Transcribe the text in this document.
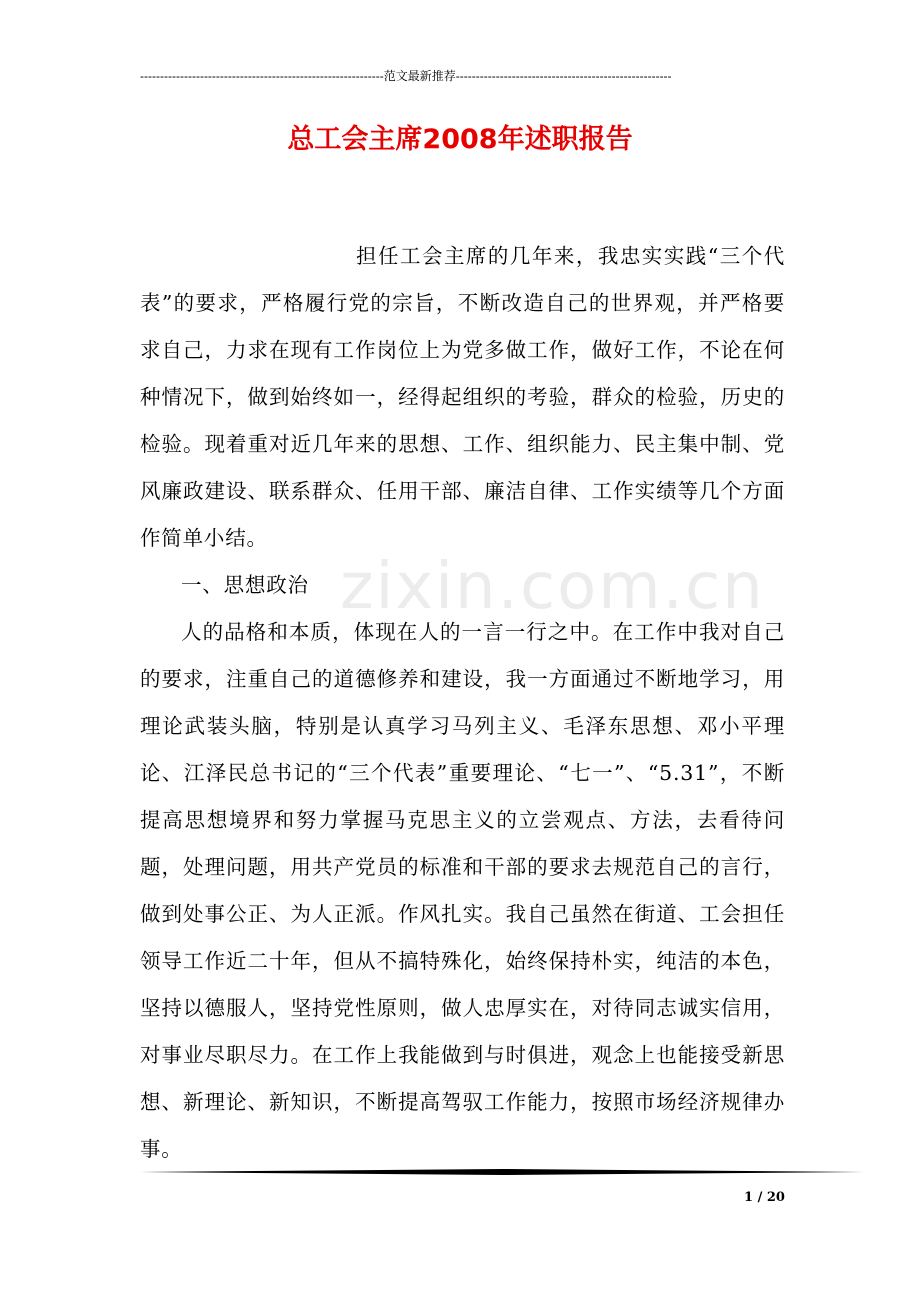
-------------------------------------------------------------范文最新推荐------------------------------------------------------
总工会主席2008年述职报告
zixin.com.cn

担任工会主席的几年来，我忠实实践“三个代表”的要求，严格履行党的宗旨，不断改造自己的世界观，并严格要求自己，力求在现有工作岗位上为党多做工作，做好工作，不论在何种情况下，做到始终如一，经得起组织的考验，群众的检验，历史的检验。现着重对近几年来的思想、工作、组织能力、民主集中制、党风廉政建设、联系群众、任用干部、廉洁自律、工作实绩等几个方面作简单小结。

一、思想政治

人的品格和本质，体现在人的一言一行之中。在工作中我对自己的要求，注重自己的道德修养和建设，我一方面通过不断地学习，用理论武装头脑，特别是认真学习马列主义、毛泽东思想、邓小平理论、江泽民总书记的“三个代表”重要理论、“七一”、“5.31”，不断提高思想境界和努力掌握马克思主义的立尝观点、方法，去看待问题，处理问题，用共产党员的标准和干部的要求去规范自己的言行，做到处事公正、为人正派。作风扎实。我自己虽然在街道、工会担任领导工作近二十年，但从不搞特殊化，始终保持朴实，纯洁的本色，坚持以德服人，坚持党性原则，做人忠厚实在，对待同志诚实信用，对事业尽职尽力。在工作上我能做到与时俱进，观念上也能接受新思想、新理论、新知识，不断提高驾驭工作能力，按照市场经济规律办事。

1 / 20
